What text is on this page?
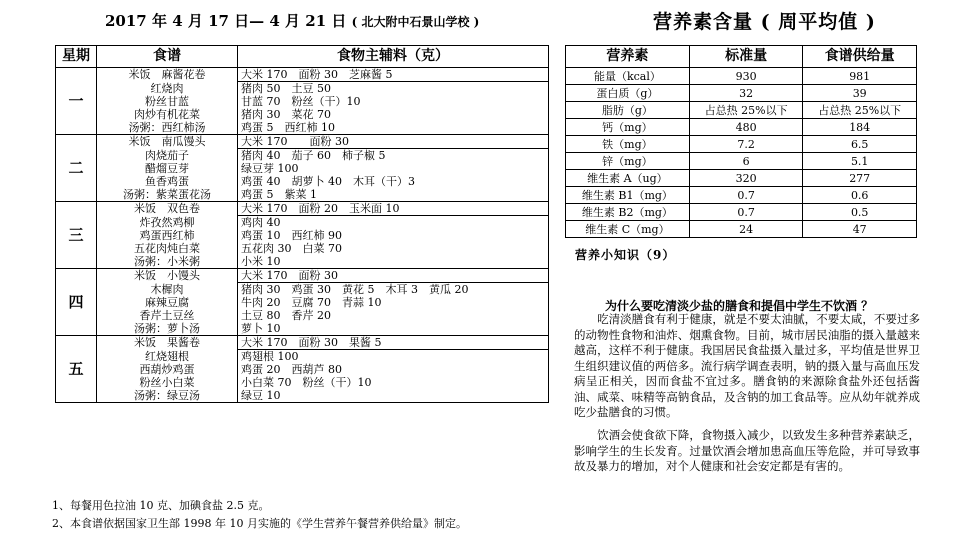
2017 年 4 月 17 日— 4 月 21 日 ( 北大附中石景山学校 )	营养素含量 ( 周平均值 )
星期	食谱	食物主辅料（克）
一	米饭　麻酱花卷	大米 170　面粉 30　芝麻酱 5
	红烧肉	猪肉 50　土豆 50
	粉丝甘蓝	甘蓝 70　粉丝（干）10
	肉炒有机花菜	猪肉 30　菜花 70
	汤粥：西红柿汤	鸡蛋 5　西红柿 10
二	米饭　南瓜馒头	大米 170　　面粉 30
	肉烧茄子	猪肉 40　茄子 60　柿子椒 5
	醋熘豆芽	绿豆芽 100
	鱼香鸡蛋	鸡蛋 40　胡萝卜 40　木耳（干）3
	汤粥：紫菜蛋花汤	鸡蛋 5　紫菜 1
三	米饭　双色卷	大米 170　面粉 20　玉米面 10
	炸孜然鸡柳	鸡肉 40
	鸡蛋西红柿	鸡蛋 10　西红柿 90
	五花肉炖白菜	五花肉 30　白菜 70
	汤粥：小米粥	小米 10
四	米饭　小馒头	大米 170　面粉 30
	木樨肉	猪肉 30　鸡蛋 30　黄花 5　木耳 3　黄瓜 20
	麻辣豆腐	牛肉 20　豆腐 70　青蒜 10
	香芹土豆丝	土豆 80　香芹 20
	汤粥：萝卜汤	萝卜 10
五	米饭　果酱卷	大米 170　面粉 30　果酱 5
	红烧翅根	鸡翅根 100
	西葫炒鸡蛋	鸡蛋 20　西葫芦 80
	粉丝小白菜	小白菜 70　粉丝（干）10
	汤粥：绿豆汤	绿豆 10
1、每餐用色拉油 10 克、加碘食盐 2.5 克。
2、本食谱依据国家卫生部 1998 年 10 月实施的《学生营养午餐营养供给量》制定。
营养素	标准量	食谱供给量
能量（kcal）	930	981
蛋白质（g）	32	39
脂肪（g）	占总热 25%以下	占总热 25%以下
钙（mg）	480	184
铁（mg）	7.2	6.5
锌（mg）	6	5.1
维生素 A（ug）	320	277
维生素 B1（mg）	0.7	0.6
维生素 B2（mg）	0.7	0.5
维生素 C（mg）	24	47
营养小知识（9）
为什么要吃清淡少盐的膳食和提倡中学生不饮酒 ？
　　吃清淡膳食有利于健康，就是不要太油腻，不要太咸，不要过多的动物性食物和油炸、烟熏食物。目前，城市居民油脂的摄入量越来越高，这样不利于健康。我国居民食盐摄入量过多，平均值是世界卫生组织建议值的两倍多。流行病学调查表明，钠的摄入量与高血压发病呈正相关，因而食盐不宜过多。膳食钠的来源除食盐外还包括酱油、咸菜、味精等高钠食品，及含钠的加工食品等。应从幼年就养成吃少盐膳食的习惯。
　　饮酒会使食欲下降，食物摄入减少，以致发生多种营养素缺乏，影响学生的生长发育。过量饮酒会增加患高血压等危险，并可导致事故及暴力的增加，对个人健康和社会安定都是有害的。
